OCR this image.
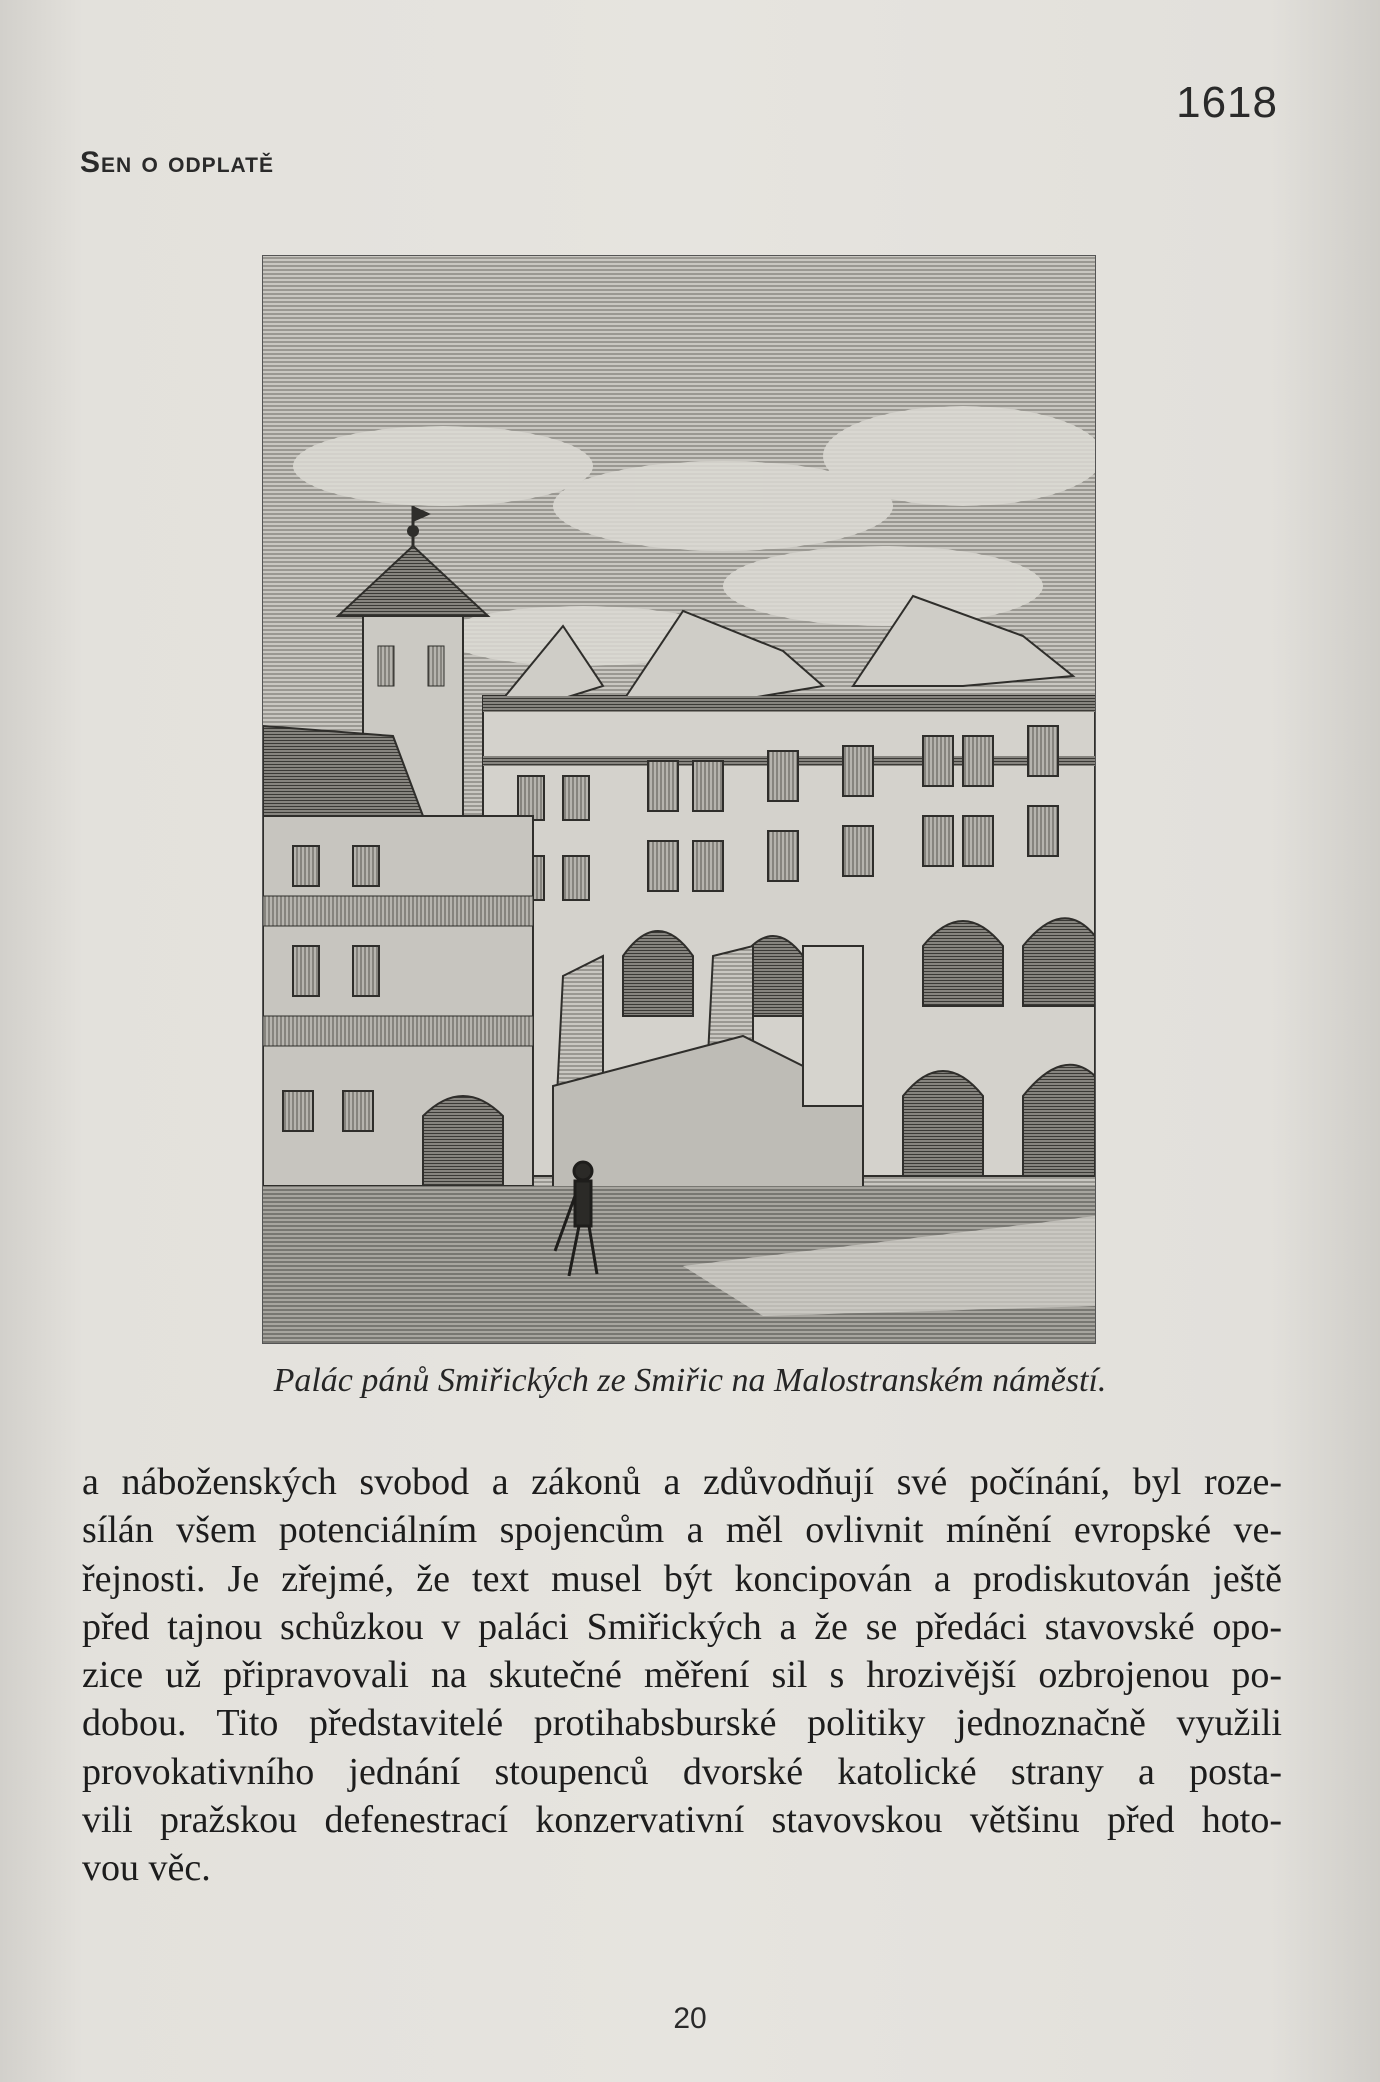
Sen o odplatě
1618
Palác pánů Smiřických ze Smiřic na Malostranském náměstí.
a náboženských svobod a zákonů a zdůvodňují své počínání, byl roze-
sílán všem potenciálním spojencům a měl ovlivnit mínění evropské ve-
řejnosti. Je zřejmé, že text musel být koncipován a prodiskutován ještě
před tajnou schůzkou v paláci Smiřických a že se předáci stavovské opo-
zice už připravovali na skutečné měření sil s hrozivější ozbrojenou po-
dobou. Tito představitelé protihabsburské politiky jednoznačně využili
provokativního jednání stoupenců dvorské katolické strany a posta-
vili pražskou defenestrací konzervativní stavovskou většinu před hoto-
vou věc.
20
